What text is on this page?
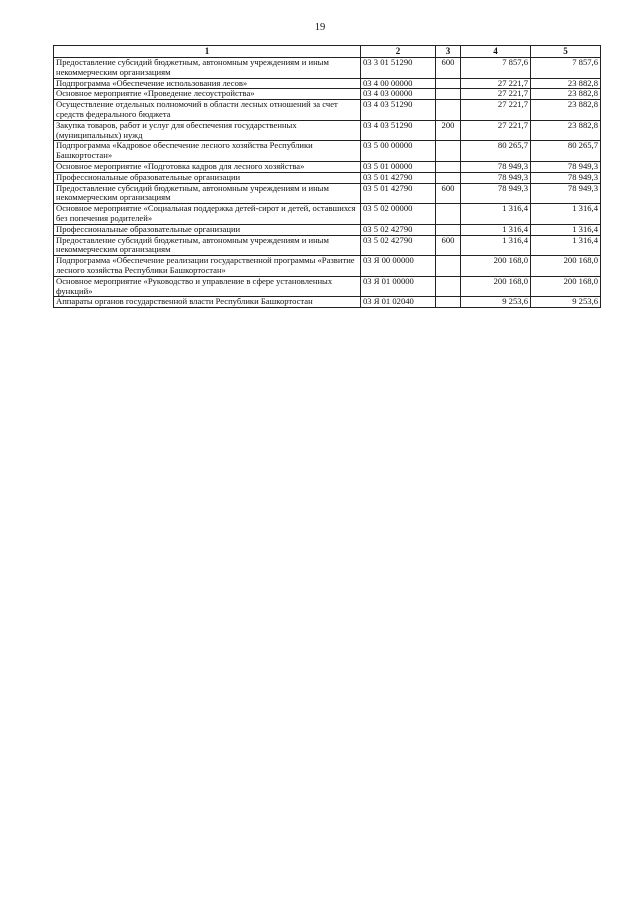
19
1	2	3	4	5
Предоставление субсидий бюджетным, автономным учреждениям и иным некоммерческим организациям	03 3 01 51290	600	7 857,6	7 857,6
Подпрограмма «Обеспечение использования лесов»	03 4 00 00000		27 221,7	23 882,8
Основное мероприятие «Проведение лесоустройства»	03 4 03 00000		27 221,7	23 882,8
Осуществление отдельных полномочий в области лесных отношений за счет средств федерального бюджета	03 4 03 51290		27 221,7	23 882,8
Закупка товаров, работ и услуг для обеспечения государственных (муниципальных) нужд	03 4 03 51290	200	27 221,7	23 882,8
Подпрограмма «Кадровое обеспечение лесного хозяйства Республики Башкортостан»	03 5 00 00000		80 265,7	80 265,7
Основное мероприятие «Подготовка кадров для лесного хозяйства»	03 5 01 00000		78 949,3	78 949,3
Профессиональные образовательные организации	03 5 01 42790		78 949,3	78 949,3
Предоставление субсидий бюджетным, автономным учреждениям и иным некоммерческим организациям	03 5 01 42790	600	78 949,3	78 949,3
Основное мероприятие «Социальная поддержка детей-сирот и детей, оставшихся без попечения родителей»	03 5 02 00000		1 316,4	1 316,4
Профессиональные образовательные организации	03 5 02 42790		1 316,4	1 316,4
Предоставление субсидий бюджетным, автономным учреждениям и иным некоммерческим организациям	03 5 02 42790	600	1 316,4	1 316,4
Подпрограмма «Обеспечение реализации государственной программы «Развитие лесного хозяйства Республики Башкортостан»	03 Я 00 00000		200 168,0	200 168,0
Основное мероприятие «Руководство и управление в сфере установленных функций»	03 Я 01 00000		200 168,0	200 168,0
Аппараты органов государственной власти Республики Башкортостан	03 Я 01 02040		9 253,6	9 253,6
